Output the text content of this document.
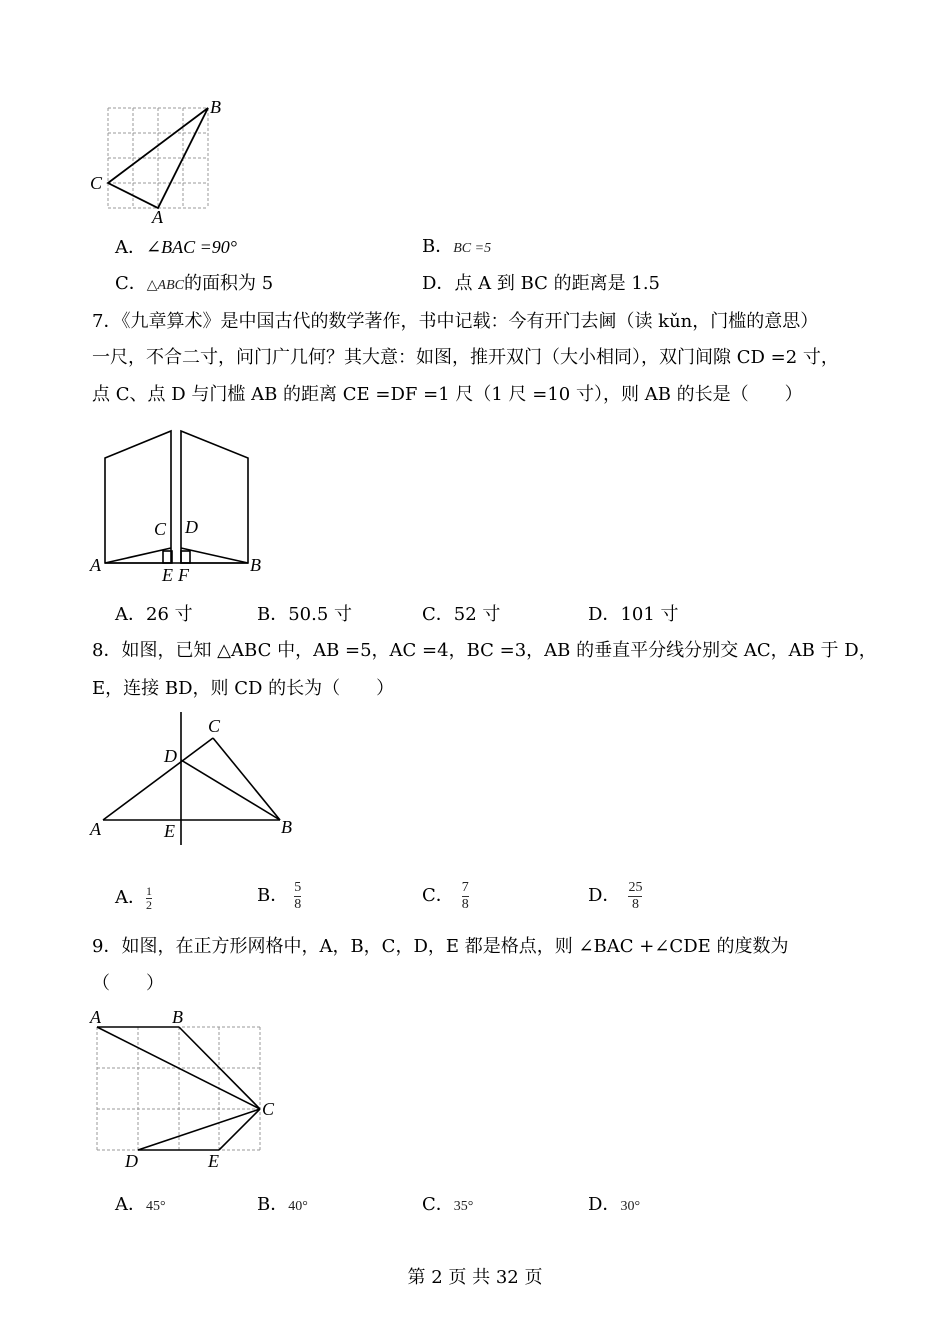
B
C
A
A．∠BAC =90°	B．BC =5
C．△ABC的面积为 5	D．点 A 到 BC 的距离是 1.5
7．《九章算术》是中国古代的数学著作，书中记载：今有开门去阃（读 kǔn，门槛的意思）
一尺，不合二寸，问门广几何？其大意：如图，推开双门（大小相同），双门间隙 CD =2 寸，
点 C、点 D 与门槛 AB 的距离 CE =DF =1 尺（1 尺 =10 寸），则 AB 的长是（　　）
C D
A	B
E F
A．26 寸	B．50.5 寸	C．52 寸	D．101 寸
8．如图，已知 △ABC 中，AB =5，AC =4，BC =3，AB 的垂直平分线分别交 AC，AB 于 D，
E，连接 BD，则 CD 的长为（　　）
C
D
A	E	B
A． $\frac{1}{2}$	B． $\frac{5}{8}$	C． $\frac{7}{8}$	D． $\frac{25}{8}$
9．如图，在正方形网格中，A，B，C，D，E 都是格点，则 ∠BAC +∠CDE 的度数为
（　　）
A	B
C
D	E
A．45°	B．40°	C．35°	D．30°
第 2 页 共 32 页
